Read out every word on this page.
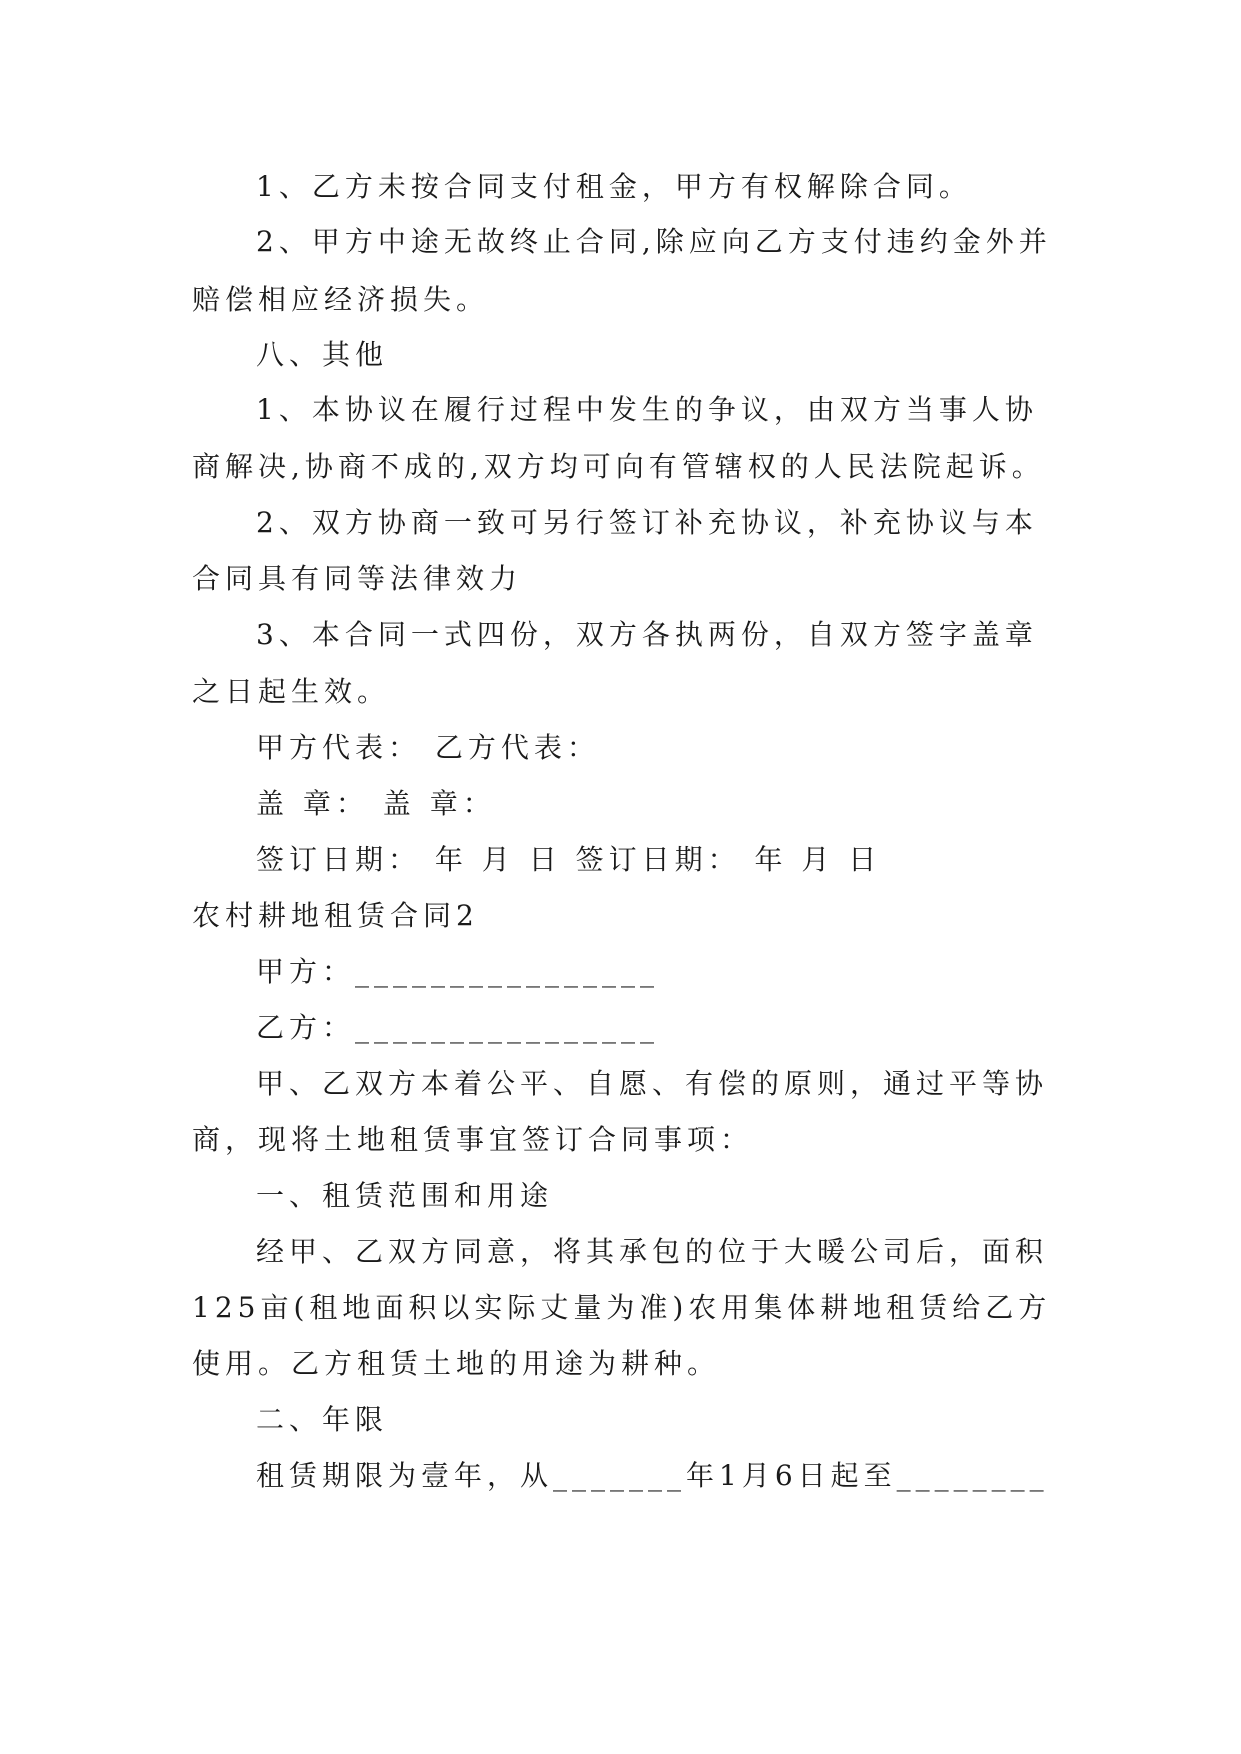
1、乙方未按合同支付租金，甲方有权解除合同。
2、甲方中途无故终止合同,除应向乙方支付违约金外并
赔偿相应经济损失。
八、其他
1、本协议在履行过程中发生的争议，由双方当事人协
商解决,协商不成的,双方均可向有管辖权的人民法院起诉。
2、双方协商一致可另行签订补充协议，补充协议与本
合同具有同等法律效力
3、本合同一式四份，双方各执两份，自双方签字盖章
之日起生效。
甲方代表： 乙方代表：
盖 章： 盖 章：
签订日期： 年 月 日 签订日期： 年 月 日
农村耕地租赁合同2
甲方：________________
乙方：________________
甲、乙双方本着公平、自愿、有偿的原则，通过平等协
商，现将土地租赁事宜签订合同事项：
一、租赁范围和用途
经甲、乙双方同意，将其承包的位于大暖公司后，面积
125亩(租地面积以实际丈量为准)农用集体耕地租赁给乙方
使用。乙方租赁土地的用途为耕种。
二、年限
租赁期限为壹年，从_______年1月6日起至________
